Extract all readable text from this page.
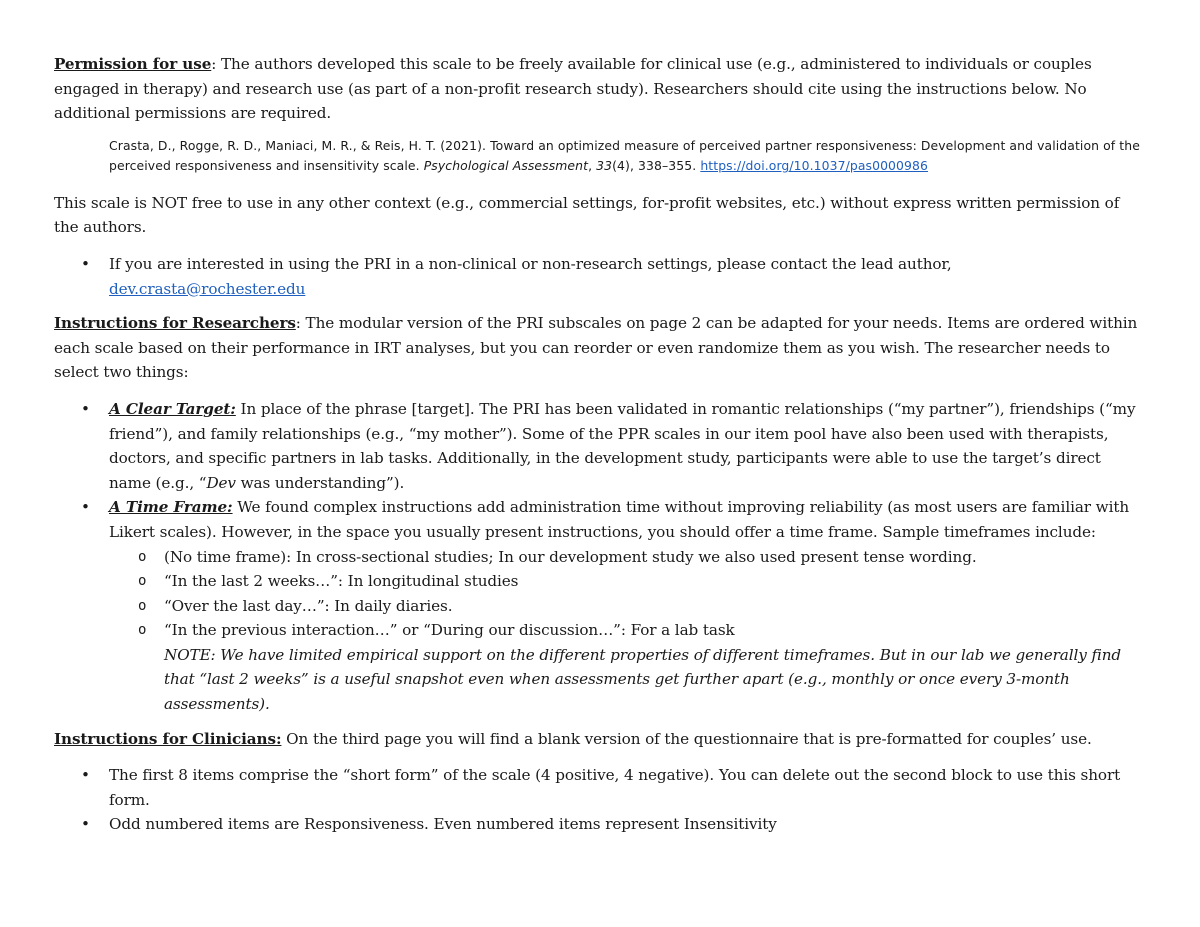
Permission for use: The authors developed this scale to be freely available for clinical use (e.g., administered to individuals or couples engaged in therapy) and research use (as part of a non-profit research study). Researchers should cite using the instructions below. No additional permissions are required.

Crasta, D., Rogge, R. D., Maniaci, M. R., & Reis, H. T. (2021). Toward an optimized measure of perceived partner responsiveness: Development and validation of the perceived responsiveness and insensitivity scale. Psychological Assessment, 33(4), 338–355. https://doi.org/10.1037/pas0000986

This scale is NOT free to use in any other context (e.g., commercial settings, for-profit websites, etc.) without express written permission of the authors.

• If you are interested in using the PRI in a non-clinical or non-research settings, please contact the lead author, dev.crasta@rochester.edu

Instructions for Researchers: The modular version of the PRI subscales on page 2 can be adapted for your needs. Items are ordered within each scale based on their performance in IRT analyses, but you can reorder or even randomize them as you wish. The researcher needs to select two things:

• A Clear Target: In place of the phrase [target]. The PRI has been validated in romantic relationships (“my partner”), friendships (“my friend”), and family relationships (e.g., “my mother”). Some of the PPR scales in our item pool have also been used with therapists, doctors, and specific partners in lab tasks. Additionally, in the development study, participants were able to use the target’s direct name (e.g., “Dev was understanding”).
• A Time Frame: We found complex instructions add administration time without improving reliability (as most users are familiar with Likert scales). However, in the space you usually present instructions, you should offer a time frame. Sample timeframes include:
o (No time frame): In cross-sectional studies; In our development study we also used present tense wording.
o “In the last 2 weeks…”: In longitudinal studies
o “Over the last day…”: In daily diaries.
o “In the previous interaction…” or “During our discussion…”: For a lab task
NOTE: We have limited empirical support on the different properties of different timeframes. But in our lab we generally find that “last 2 weeks” is a useful snapshot even when assessments get further apart (e.g., monthly or once every 3-month assessments).

Instructions for Clinicians: On the third page you will find a blank version of the questionnaire that is pre-formatted for couples’ use.

• The first 8 items comprise the “short form” of the scale (4 positive, 4 negative). You can delete out the second block to use this short form.
• Odd numbered items are Responsiveness. Even numbered items represent Insensitivity
